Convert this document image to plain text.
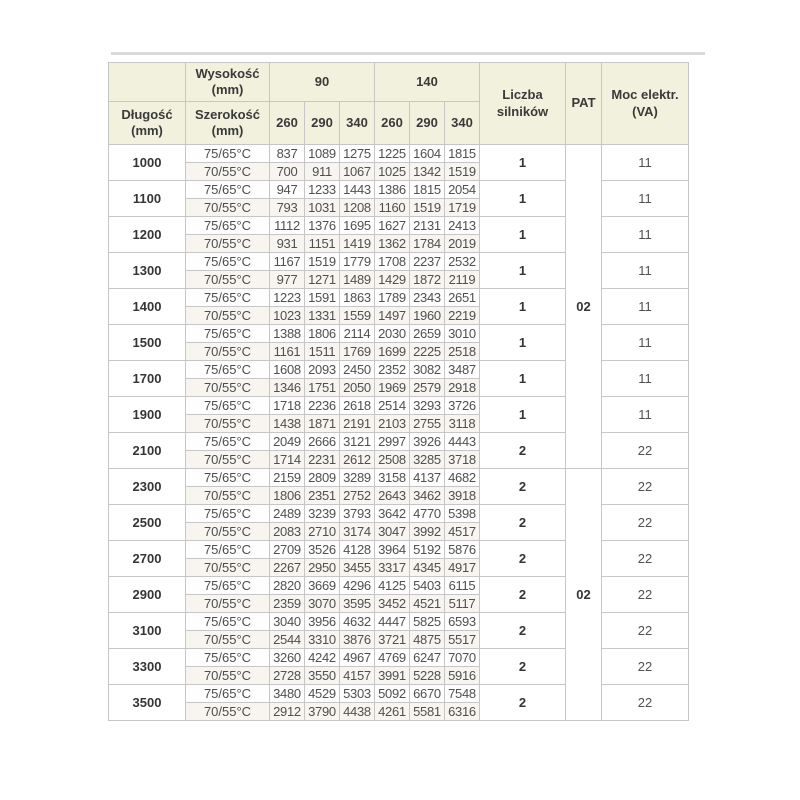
	Wysokość (mm)	90			140			Liczba silników	PAT	Moc elektr. (VA)
Długość (mm)	Szerokość (mm)	260	290	340	260	290	340			
1000	75/65°C	837	1089	1275	1225	1604	1815	1	02	11
	70/55°C	700	911	1067	1025	1342	1519			
1100	75/65°C	947	1233	1443	1386	1815	2054	1		11
	70/55°C	793	1031	1208	1160	1519	1719			
1200	75/65°C	1112	1376	1695	1627	2131	2413	1		11
	70/55°C	931	1151	1419	1362	1784	2019			
1300	75/65°C	1167	1519	1779	1708	2237	2532	1		11
	70/55°C	977	1271	1489	1429	1872	2119			
1400	75/65°C	1223	1591	1863	1789	2343	2651	1		11
	70/55°C	1023	1331	1559	1497	1960	2219			
1500	75/65°C	1388	1806	2114	2030	2659	3010	1		11
	70/55°C	1161	1511	1769	1699	2225	2518			
1700	75/65°C	1608	2093	2450	2352	3082	3487	1		11
	70/55°C	1346	1751	2050	1969	2579	2918			
1900	75/65°C	1718	2236	2618	2514	3293	3726	1		11
	70/55°C	1438	1871	2191	2103	2755	3118			
2100	75/65°C	2049	2666	3121	2997	3926	4443	2		22
	70/55°C	1714	2231	2612	2508	3285	3718			
2300	75/65°C	2159	2809	3289	3158	4137	4682	2	02	22
	70/55°C	1806	2351	2752	2643	3462	3918			
2500	75/65°C	2489	3239	3793	3642	4770	5398	2		22
	70/55°C	2083	2710	3174	3047	3992	4517			
2700	75/65°C	2709	3526	4128	3964	5192	5876	2		22
	70/55°C	2267	2950	3455	3317	4345	4917			
2900	75/65°C	2820	3669	4296	4125	5403	6115	2		22
	70/55°C	2359	3070	3595	3452	4521	5117			
3100	75/65°C	3040	3956	4632	4447	5825	6593	2		22
	70/55°C	2544	3310	3876	3721	4875	5517			
3300	75/65°C	3260	4242	4967	4769	6247	7070	2		22
	70/55°C	2728	3550	4157	3991	5228	5916			
3500	75/65°C	3480	4529	5303	5092	6670	7548	2		22
	70/55°C	2912	3790	4438	4261	5581	6316			
